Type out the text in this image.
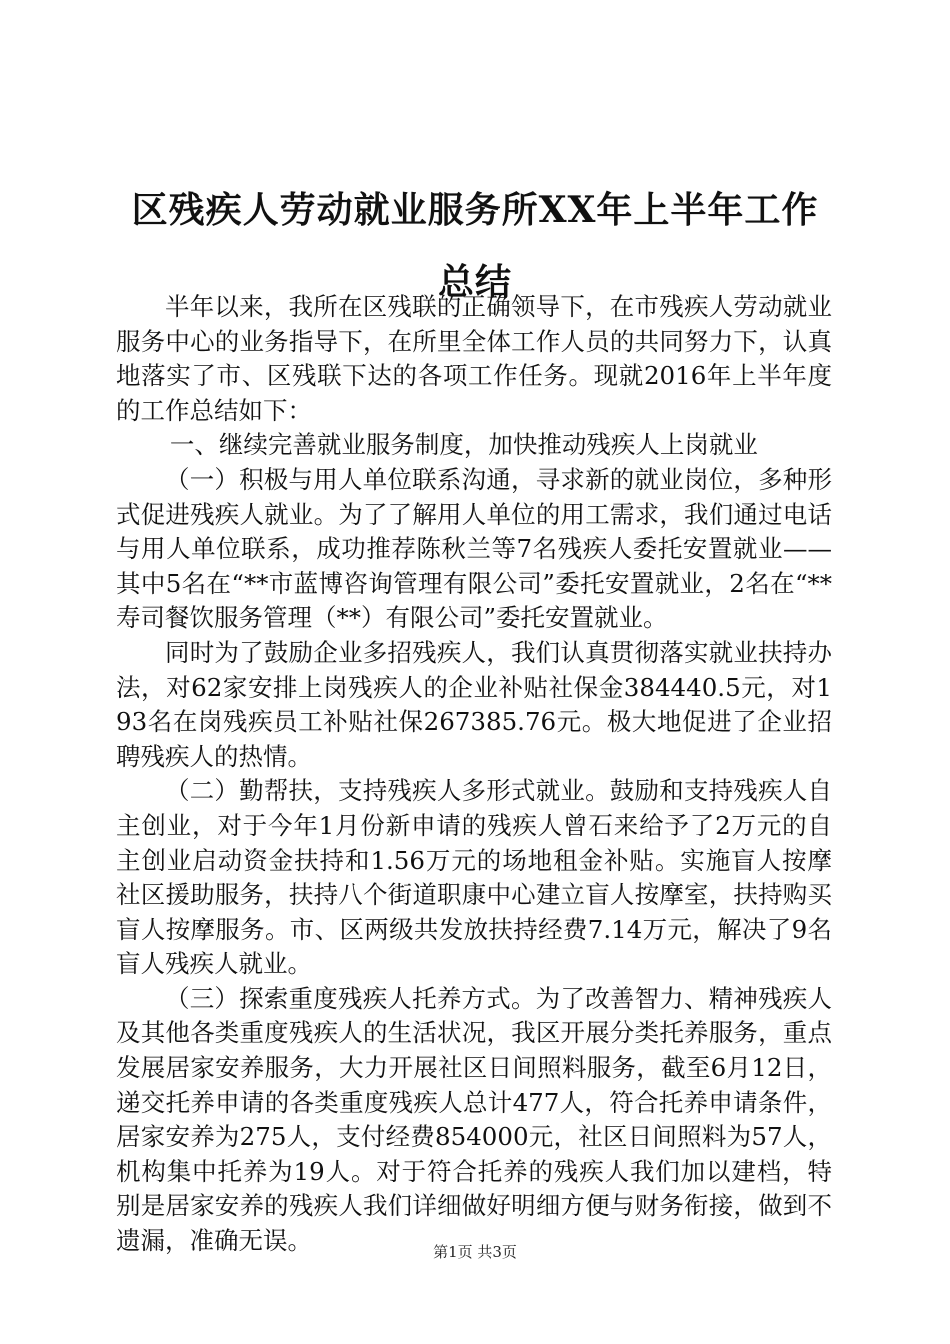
区残疾人劳动就业服务所XX年上半年工作总结

半年以来，我所在区残联的正确领导下，在市残疾人劳动就业服务中心的业务指导下，在所里全体工作人员的共同努力下，认真地落实了市、区残联下达的各项工作任务。现就2016年上半年度的工作总结如下：

一、继续完善就业服务制度，加快推动残疾人上岗就业

（一）积极与用人单位联系沟通，寻求新的就业岗位，多种形式促进残疾人就业。为了了解用人单位的用工需求，我们通过电话与用人单位联系，成功推荐陈秋兰等7名残疾人委托安置就业——其中5名在“**市蓝博咨询管理有限公司”委托安置就业，2名在“**寿司餐饮服务管理（**）有限公司”委托安置就业。

同时为了鼓励企业多招残疾人，我们认真贯彻落实就业扶持办法，对62家安排上岗残疾人的企业补贴社保金384440.5元，对193名在岗残疾员工补贴社保267385.76元。极大地促进了企业招聘残疾人的热情。

（二）勤帮扶，支持残疾人多形式就业。鼓励和支持残疾人自主创业，对于今年1月份新申请的残疾人曾石来给予了2万元的自主创业启动资金扶持和1.56万元的场地租金补贴。实施盲人按摩社区援助服务，扶持八个街道职康中心建立盲人按摩室，扶持购买盲人按摩服务。市、区两级共发放扶持经费7.14万元，解决了9名盲人残疾人就业。

（三）探索重度残疾人托养方式。为了改善智力、精神残疾人及其他各类重度残疾人的生活状况，我区开展分类托养服务，重点发展居家安养服务，大力开展社区日间照料服务，截至6月12日，递交托养申请的各类重度残疾人总计477人，符合托养申请条件，居家安养为275人，支付经费854000元，社区日间照料为57人，机构集中托养为19人。对于符合托养的残疾人我们加以建档，特别是居家安养的残疾人我们详细做好明细方便与财务衔接，做到不遗漏，准确无误。	第1页 共3页
